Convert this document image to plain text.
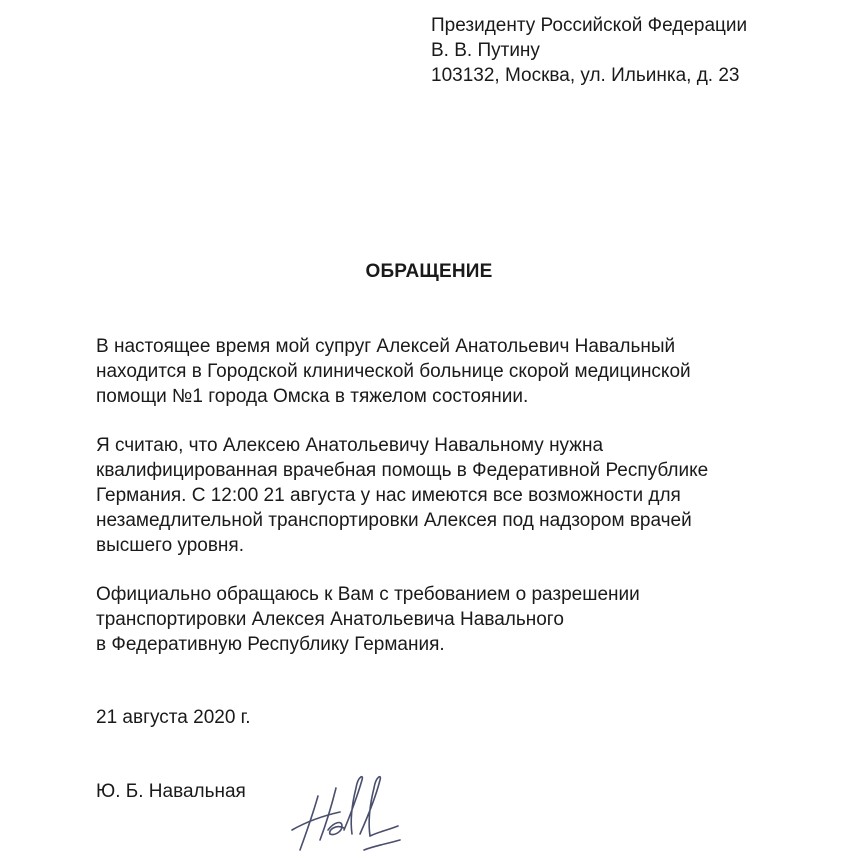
Президенту Российской Федерации
В. В. Путину
103132, Москва, ул. Ильинка, д. 23
ОБРАЩЕНИЕ
В настоящее время мой супруг Алексей Анатольевич Навальный
находится в Городской клинической больнице скорой медицинской
помощи №1 города Омска в тяжелом состоянии.
Я считаю, что Алексею Анатольевичу Навальному нужна
квалифицированная врачебная помощь в Федеративной Республике
Германия. С 12:00 21 августа у нас имеются все возможности для
незамедлительной транспортировки Алексея под надзором врачей
высшего уровня.
Официально обращаюсь к Вам с требованием о разрешении
транспортировки Алексея Анатольевича Навального
в Федеративную Республику Германия.
21 августа 2020 г.
Ю. Б. Навальная
